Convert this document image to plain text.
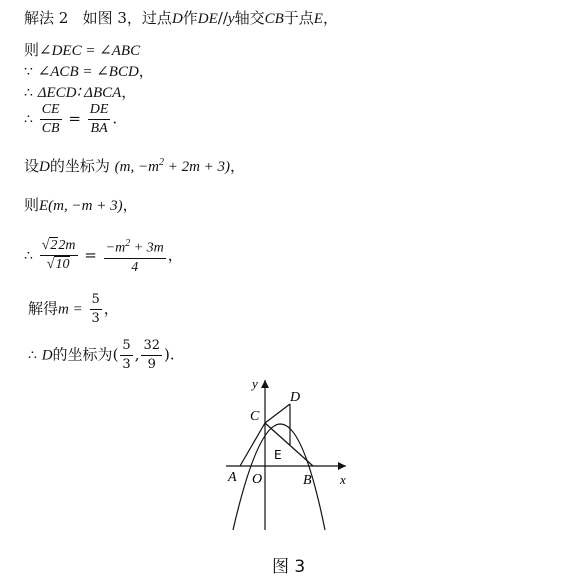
解法 2 如图 3，过点D作DE//y轴交CB于点E，
则∠DEC = ∠ABC
∵ ∠ACB = ∠BCD，
∴ ΔECD∶ ΔBCA，
∴ $\frac{CE}{CB} = \frac{DE}{BA}$ .
设D的坐标为 (m, $-m^2 + 2m + 3$)，
则E(m, −m + 3)，
∴ $\frac{√22m}{√10} = \frac{-m^2 + 3m}{4}$ ，
解得$m = \frac{5}{3}$ ，
∴ D的坐标为( $\frac{5}{3}$ , $\frac{32}{9}$ ).
y
x
C
D
E
A O	B
图 3
